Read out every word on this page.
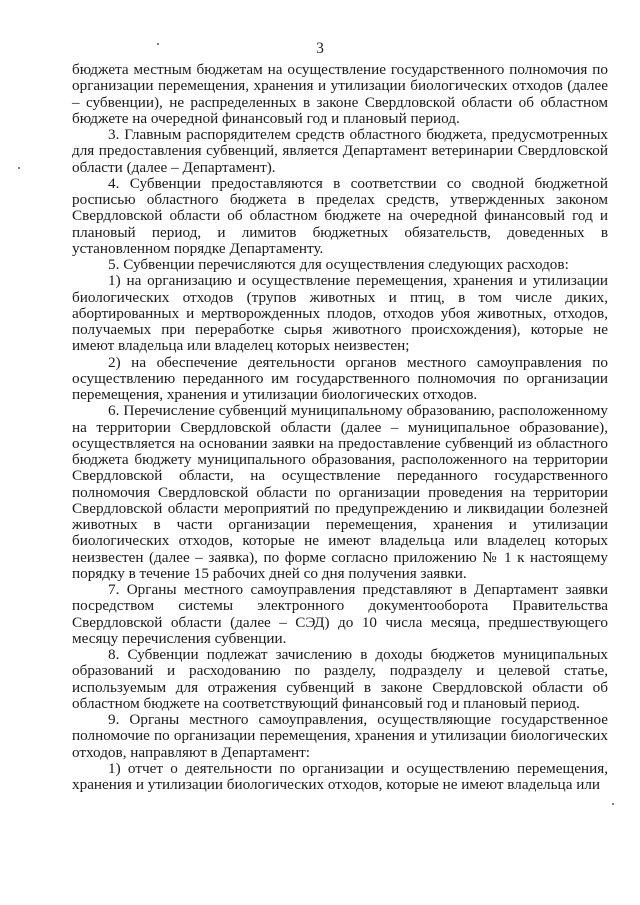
3

бюджета местным бюджетам на осуществление государственного полномочия по организации перемещения, хранения и утилизации биологических отходов (далее – субвенции), не распределенных в законе Свердловской области об областном бюджете на очередной финансовый год и плановый период.

3. Главным распорядителем средств областного бюджета, предусмотренных для предоставления субвенций, является Департамент ветеринарии Свердловской области (далее – Департамент).

4. Субвенции предоставляются в соответствии со сводной бюджетной росписью областного бюджета в пределах средств, утвержденных законом Свердловской области об областном бюджете на очередной финансовый год и плановый период, и лимитов бюджетных обязательств, доведенных в установленном порядке Департаменту.

5. Субвенции перечисляются для осуществления следующих расходов:

1) на организацию и осуществление перемещения, хранения и утилизации биологических отходов (трупов животных и птиц, в том числе диких, абортированных и мертворожденных плодов, отходов убоя животных, отходов, получаемых при переработке сырья животного происхождения), которые не имеют владельца или владелец которых неизвестен;

2) на обеспечение деятельности органов местного самоуправления по осуществлению переданного им государственного полномочия по организации перемещения, хранения и утилизации биологических отходов.

6. Перечисление субвенций муниципальному образованию, расположенному на территории Свердловской области (далее – муниципальное образование), осуществляется на основании заявки на предоставление субвенций из областного бюджета бюджету муниципального образования, расположенного на территории Свердловской области, на осуществление переданного государственного полномочия Свердловской области по организации проведения на территории Свердловской области мероприятий по предупреждению и ликвидации болезней животных в части организации перемещения, хранения и утилизации биологических отходов, которые не имеют владельца или владелец которых неизвестен (далее – заявка), по форме согласно приложению № 1 к настоящему порядку в течение 15 рабочих дней со дня получения заявки.

7. Органы местного самоуправления представляют в Департамент заявки посредством системы электронного документооборота Правительства Свердловской области (далее – СЭД) до 10 числа месяца, предшествующего месяцу перечисления субвенции.

8. Субвенции подлежат зачислению в доходы бюджетов муниципальных образований и расходованию по разделу, подразделу и целевой статье, используемым для отражения субвенций в законе Свердловской области об областном бюджете на соответствующий финансовый год и плановый период.

9. Органы местного самоуправления, осуществляющие государственное полномочие по организации перемещения, хранения и утилизации биологических отходов, направляют в Департамент:

1) отчет о деятельности по организации и осуществлению перемещения, хранения и утилизации биологических отходов, которые не имеют владельца или
